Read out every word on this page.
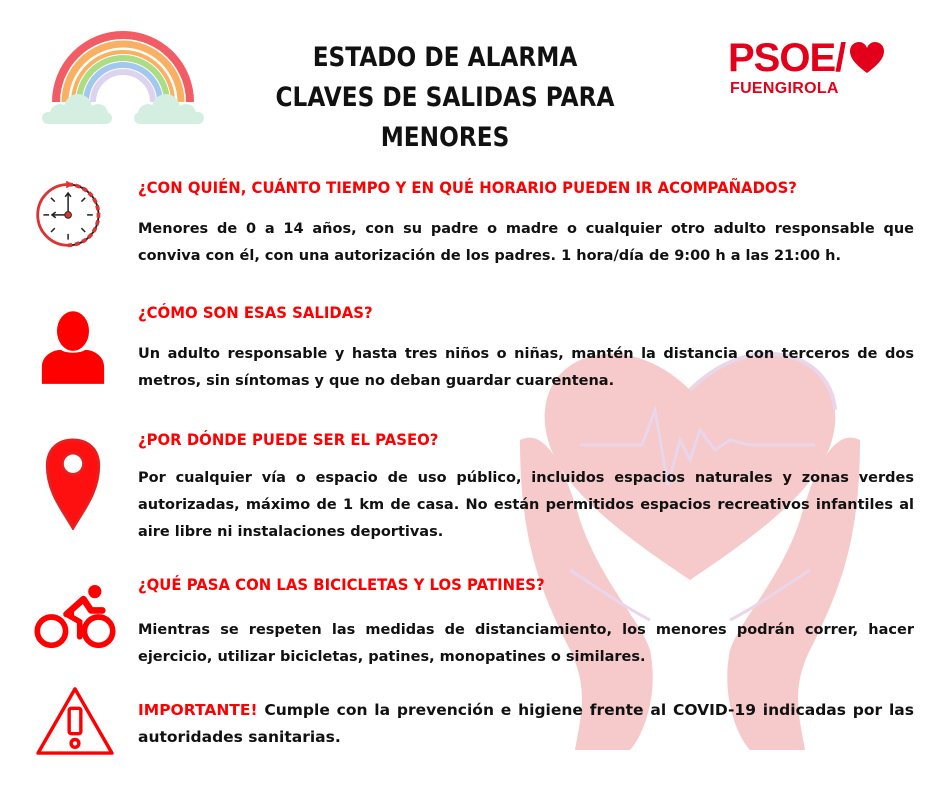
ESTADO DE ALARMA
CLAVES DE SALIDAS PARA MENORES
PSOE/
FUENGIROLA
¿CON QUIÉN, CUÁNTO TIEMPO Y EN QUÉ HORARIO PUEDEN IR ACOMPAÑADOS?
Menores de 0 a 14 años, con su padre o madre o cualquier otro adulto responsable que conviva con él, con una autorización de los padres. 1 hora/día de 9:00 h a las 21:00 h.
¿CÓMO SON ESAS SALIDAS?
Un adulto responsable y hasta tres niños o niñas, mantén la distancia con terceros de dos metros, sin síntomas y que no deban guardar cuarentena.
¿POR DÓNDE PUEDE SER EL PASEO?
Por cualquier vía o espacio de uso público, incluidos espacios naturales y zonas verdes autorizadas, máximo de 1 km de casa. No están permitidos espacios recreativos infantiles al aire libre ni instalaciones deportivas.
¿QUÉ PASA CON LAS BICICLETAS Y LOS PATINES?
Mientras se respeten las medidas de distanciamiento, los menores podrán correr, hacer ejercicio, utilizar bicicletas, patines, monopatines o similares.
IMPORTANTE! Cumple con la prevención e higiene frente al COVID-19 indicadas por las autoridades sanitarias.
